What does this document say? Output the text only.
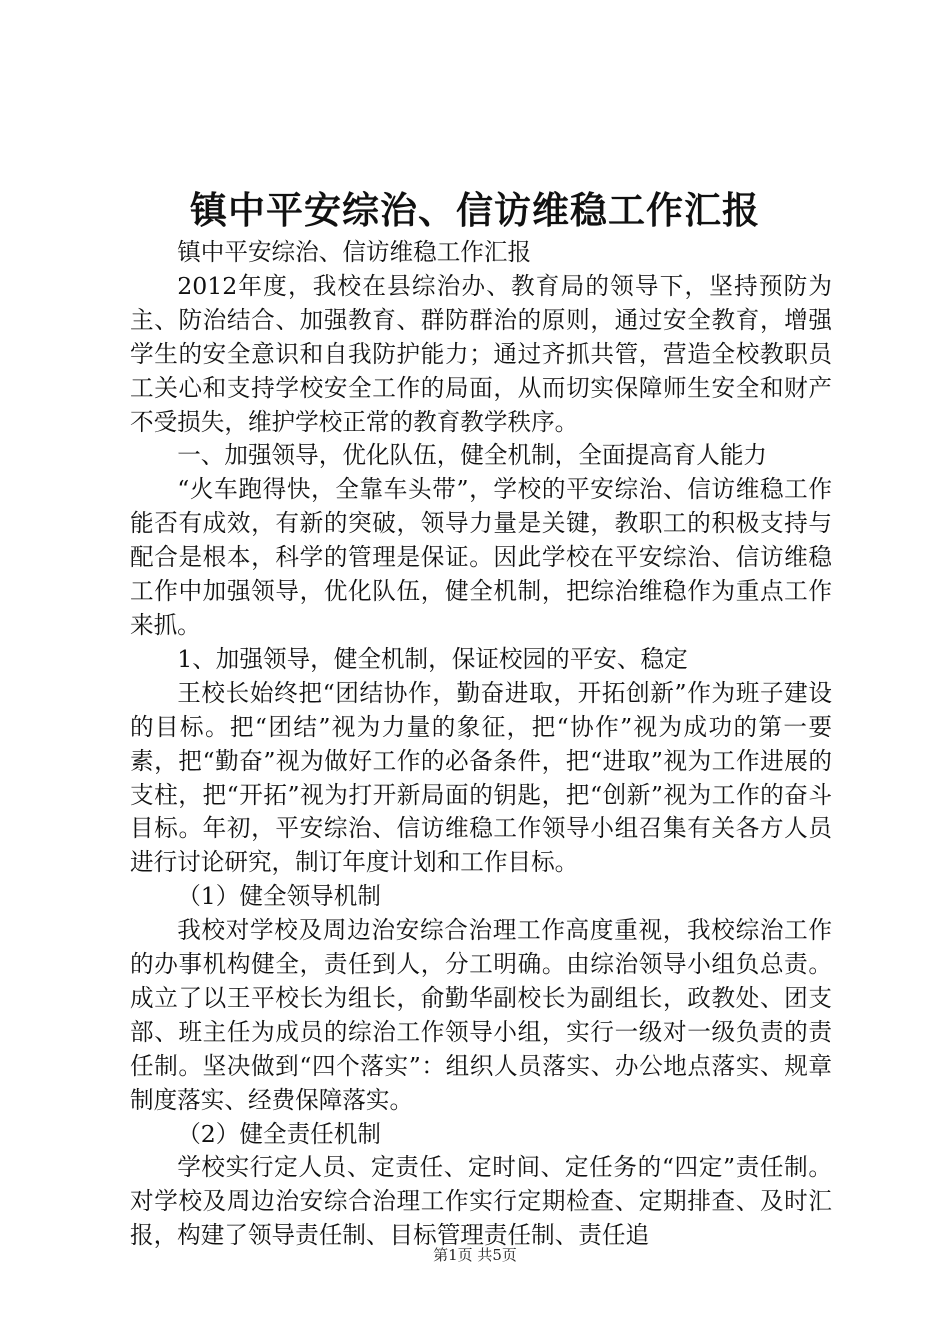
镇中平安综治、信访维稳工作汇报

镇中平安综治、信访维稳工作汇报

2012年度，我校在县综治办、教育局的领导下，坚持预防为主、防治结合、加强教育、群防群治的原则，通过安全教育，增强学生的安全意识和自我防护能力；通过齐抓共管，营造全校教职员工关心和支持学校安全工作的局面，从而切实保障师生安全和财产不受损失，维护学校正常的教育教学秩序。

一、加强领导，优化队伍，健全机制，全面提高育人能力

“火车跑得快，全靠车头带”，学校的平安综治、信访维稳工作能否有成效，有新的突破，领导力量是关键，教职工的积极支持与配合是根本，科学的管理是保证。因此学校在平安综治、信访维稳工作中加强领导，优化队伍，健全机制，把综治维稳作为重点工作来抓。

1、加强领导，健全机制，保证校园的平安、稳定

王校长始终把“团结协作，勤奋进取，开拓创新”作为班子建设的目标。把“团结”视为力量的象征，把“协作”视为成功的第一要素，把“勤奋”视为做好工作的必备条件，把“进取”视为工作进展的支柱，把“开拓”视为打开新局面的钥匙，把“创新”视为工作的奋斗目标。年初，平安综治、信访维稳工作领导小组召集有关各方人员进行讨论研究，制订年度计划和工作目标。

（1）健全领导机制

我校对学校及周边治安综合治理工作高度重视，我校综治工作的办事机构健全，责任到人，分工明确。由综治领导小组负总责。成立了以王平校长为组长，俞勤华副校长为副组长，政教处、团支部、班主任为成员的综治工作领导小组，实行一级对一级负责的责任制。坚决做到“四个落实”：组织人员落实、办公地点落实、规章制度落实、经费保障落实。

（2）健全责任机制

学校实行定人员、定责任、定时间、定任务的“四定”责任制。对学校及周边治安综合治理工作实行定期检查、定期排查、及时汇报，构建了领导责任制、目标管理责任制、责任追

第1页 共5页
